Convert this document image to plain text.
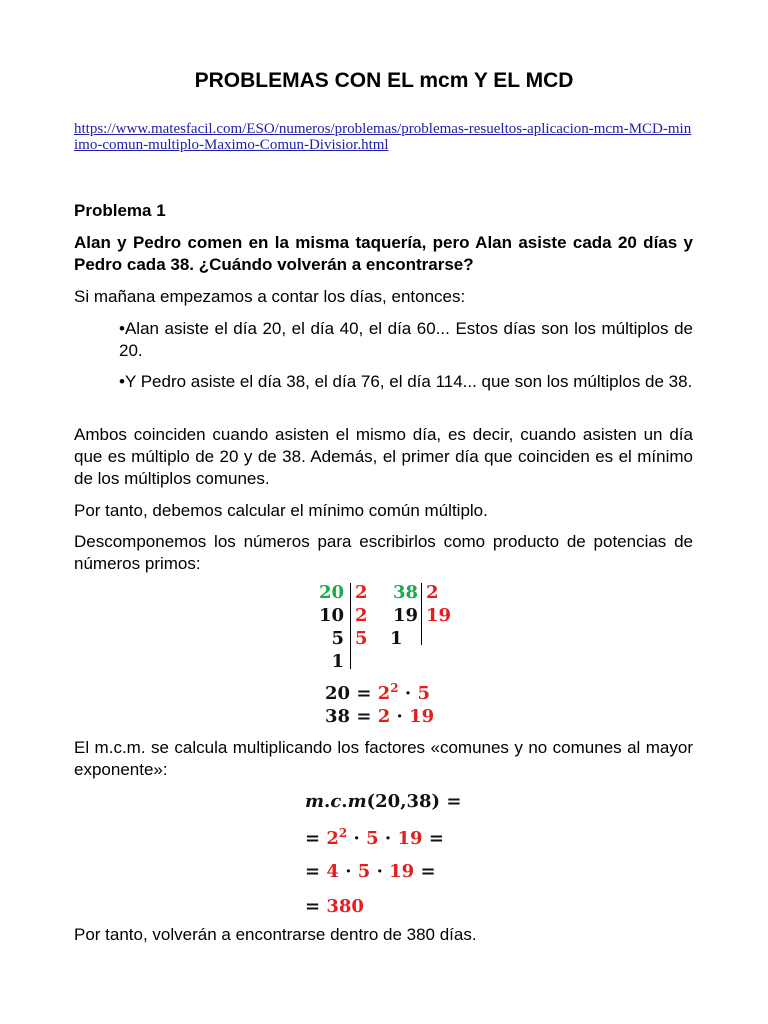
PROBLEMAS CON EL mcm Y EL MCD
https://www.matesfacil.com/ESO/numeros/problemas/problemas-resueltos-aplicacion-mcm-MCD-minimo-comun-multiplo-Maximo-Comun-Divisior.html
Problema 1
Alan y Pedro comen en la misma taquería, pero Alan asiste cada 20 días y Pedro cada 38. ¿Cuándo volverán a encontrarse?
Si mañana empezamos a contar los días, entonces:
•Alan asiste el día 20, el día 40, el día 60... Estos días son los múltiplos de 20.
•Y Pedro asiste el día 38, el día 76, el día 114... que son los múltiplos de 38.
Ambos coinciden cuando asisten el mismo día, es decir, cuando asisten un día que es múltiplo de 20 y de 38. Además, el primer día que coinciden es el mínimo de los múltiplos comunes.
Por tanto, debemos calcular el mínimo común múltiplo.
Descomponemos los números para escribirlos como producto de potencias de números primos:
20
10
5
1
2
2
5
38
19
1
2
19
$20 = 2^2 \cdot 5$
38 = 2 · 19
El m.c.m. se calcula multiplicando los factores «comunes y no comunes al mayor exponente»:
m.c.m(20,38) =
= $2^2 \cdot 5 \cdot 19$ =
= 4 · 5 · 19 =
= 380
Por tanto, volverán a encontrarse dentro de 380 días.
